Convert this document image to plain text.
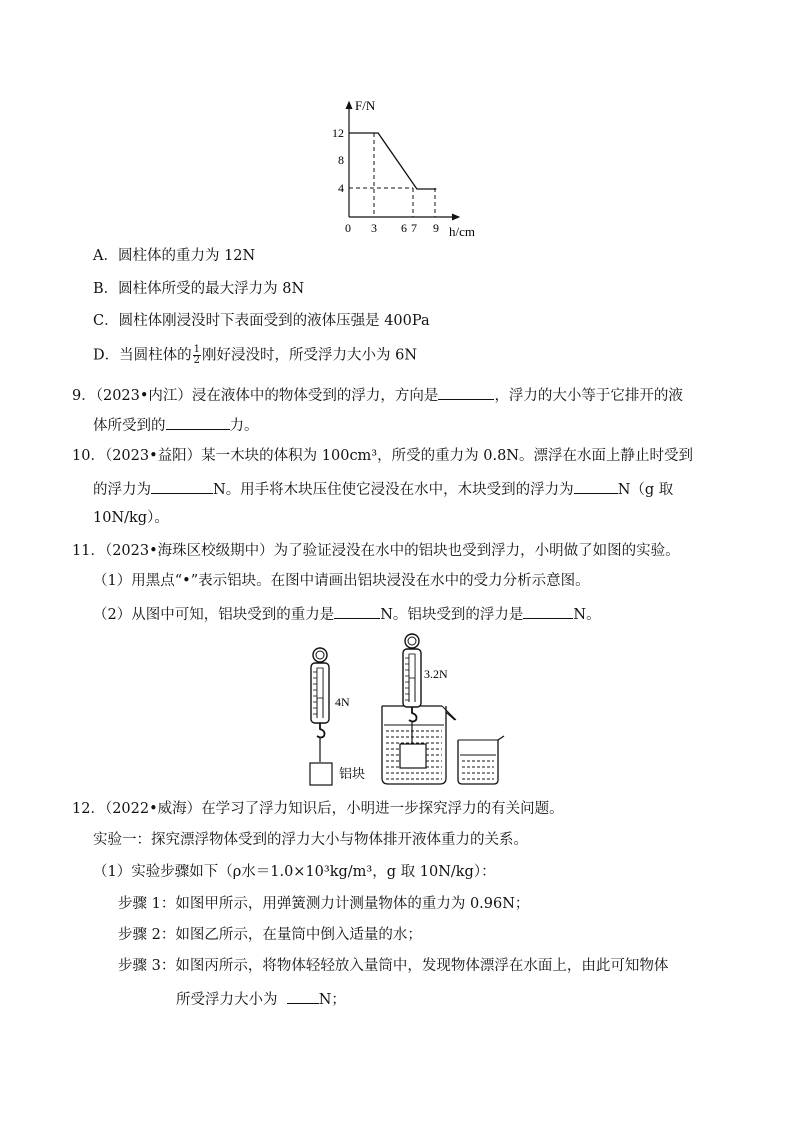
F/N
12
8
4
0 3 6 7 9 h/cm
A．圆柱体的重力为 12N
B．圆柱体所受的最大浮力为 8N
C．圆柱体刚浸没时下表面受到的液体压强是 400Pa
D．当圆柱体的 $\frac{1}{2}$ 刚好浸没时，所受浮力大小为 6N
9．（2023•内江）浸在液体中的物体受到的浮力，方向是	，浮力的大小等于它排开的液
体所受到的	力。
10．（2023•益阳）某一木块的体积为 100cm³，所受的重力为 0.8N。漂浮在水面上静止时受到
的浮力为	N。用手将木块压住使它浸没在水中，木块受到的浮力为	N（g 取
10N/kg）。
11．（2023•海珠区校级期中）为了验证浸没在水中的铝块也受到浮力，小明做了如图的实验。
（1）用黑点“•”表示铝块。在图中请画出铝块浸没在水中的受力分析示意图。
（2）从图中可知，铝块受到的重力是	N。铝块受到的浮力是	N。
4N
铝块
3.2N
12．（2022•威海）在学习了浮力知识后，小明进一步探究浮力的有关问题。
实验一：探究漂浮物体受到的浮力大小与物体排开液体重力的关系。
（1）实验步骤如下（ρ水＝1.0×10³kg/m³，g 取 10N/kg）：
步骤 1：如图甲所示，用弹簧测力计测量物体的重力为 0.96N；
步骤 2：如图乙所示，在量筒中倒入适量的水；
步骤 3：如图丙所示，将物体轻轻放入量筒中，发现物体漂浮在水面上，由此可知物体
所受浮力大小为	N；
